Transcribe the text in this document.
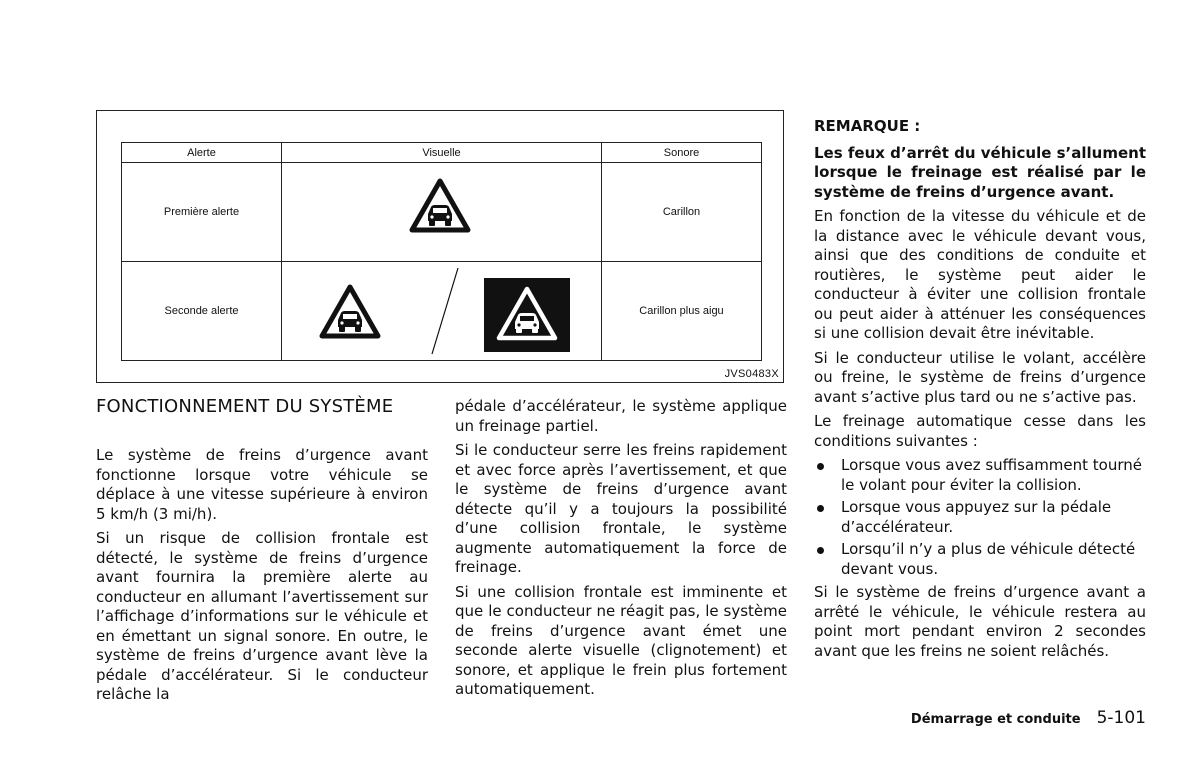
Alerte	Visuelle	Sonore
Première alerte		Carillon
Seconde alerte		Carillon plus aigu
JVS0483X
FONCTIONNEMENT DU SYSTÈME

Le système de freins d’urgence avant fonctionne lorsque votre véhicule se déplace à une vitesse supérieure à environ 5 km/h (3 mi/h).

Si un risque de collision frontale est détecté, le système de freins d’urgence avant fournira la première alerte au conducteur en allumant l’avertissement sur l’affichage d’informations sur le véhicule et en émettant un signal sonore. En outre, le système de freins d’urgence avant lève la pédale d’accélérateur. Si le conducteur relâche la

pédale d’accélérateur, le système applique un freinage partiel.

Si le conducteur serre les freins rapidement et avec force après l’avertissement, et que le système de freins d’urgence avant détecte qu’il y a toujours la possibilité d’une collision frontale, le système augmente automatiquement la force de freinage.

Si une collision frontale est imminente et que le conducteur ne réagit pas, le système de freins d’urgence avant émet une seconde alerte visuelle (clignotement) et sonore, et applique le frein plus fortement automatiquement.

REMARQUE :

Les feux d’arrêt du véhicule s’allument lorsque le freinage est réalisé par le système de freins d’urgence avant.

En fonction de la vitesse du véhicule et de la distance avec le véhicule devant vous, ainsi que des conditions de conduite et routières, le système peut aider le conducteur à éviter une collision frontale ou peut aider à atténuer les conséquences si une collision devait être inévitable.

Si le conducteur utilise le volant, accélère ou freine, le système de freins d’urgence avant s’active plus tard ou ne s’active pas.

Le freinage automatique cesse dans les conditions suivantes :

Lorsque vous avez suffisamment tourné le volant pour éviter la collision.
Lorsque vous appuyez sur la pédale d’accélérateur.
Lorsqu’il n’y a plus de véhicule détecté devant vous.

Si le système de freins d’urgence avant a arrêté le véhicule, le véhicule restera au point mort pendant environ 2 secondes avant que les freins ne soient relâchés.

Démarrage et conduite 5-101
